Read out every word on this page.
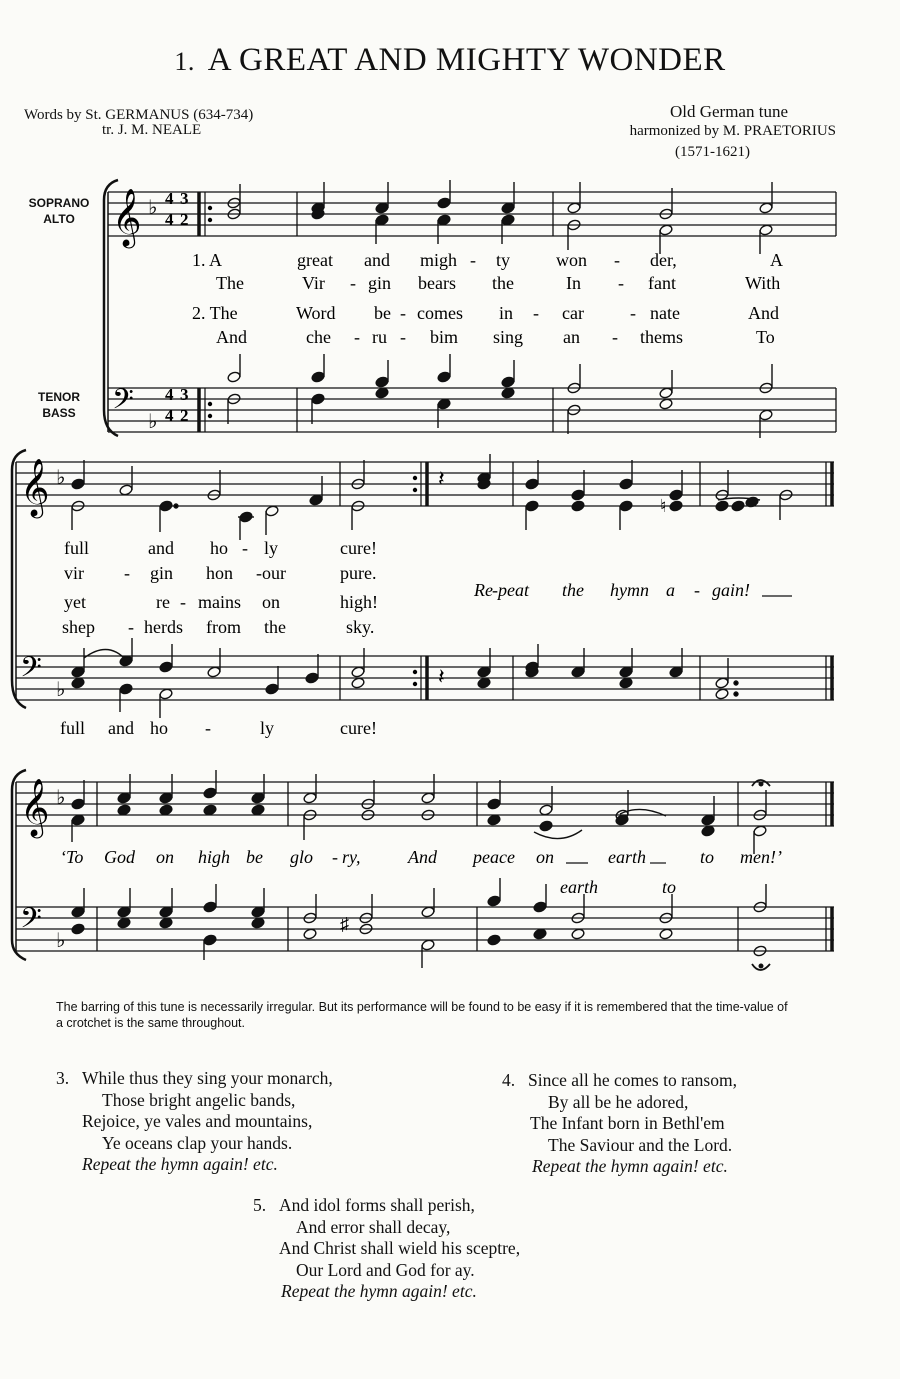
1. A GREAT AND MIGHTY WONDER
Words by St. GERMANUS (634-734)
tr. J. M. NEALE
Old German tune
harmonized by M. PRAETORIUS
(1571-1621)
SOPRANO
ALTO
TENOR
BASS
𝄞
𝄢
♭
♭
4
4
3
2
4
4
3
2
1. A	great and migh - ty	won - der,	A
The	Vir - gin bears the	In - fant	With
2. The	Word be - comes in - car	- nate	And
And	che - ru - bim sing an - thems	To
𝄞
𝄢
♭
♭
𝄽
♮
𝄽
full	and ho - ly	cure!
vir - gin hon - our	pure.
yet	re - mains on	high!
shep - herds from the	sky.
Re -peat the hymn a - gain!
full and ho -	ly	cure!
𝄞
𝄢
♭
♭
♯
‘To God on high be glo - ry,	And peace on	earth	to men!’
earth	to
The barring of this tune is necessarily irregular. But its performance will be found to be easy if it is remembered that the time-value of a crotchet is the same throughout.
3. While thus they sing your monarch,
Those bright angelic bands,
Rejoice, ye vales and mountains,
Ye oceans clap your hands.
Repeat the hymn again! etc.
4. Since all he comes to ransom,
By all be he adored,
The Infant born in Bethl'em
The Saviour and the Lord.
Repeat the hymn again! etc.
5. And idol forms shall perish,
And error shall decay,
And Christ shall wield his sceptre,
Our Lord and God for ay.
Repeat the hymn again! etc.
